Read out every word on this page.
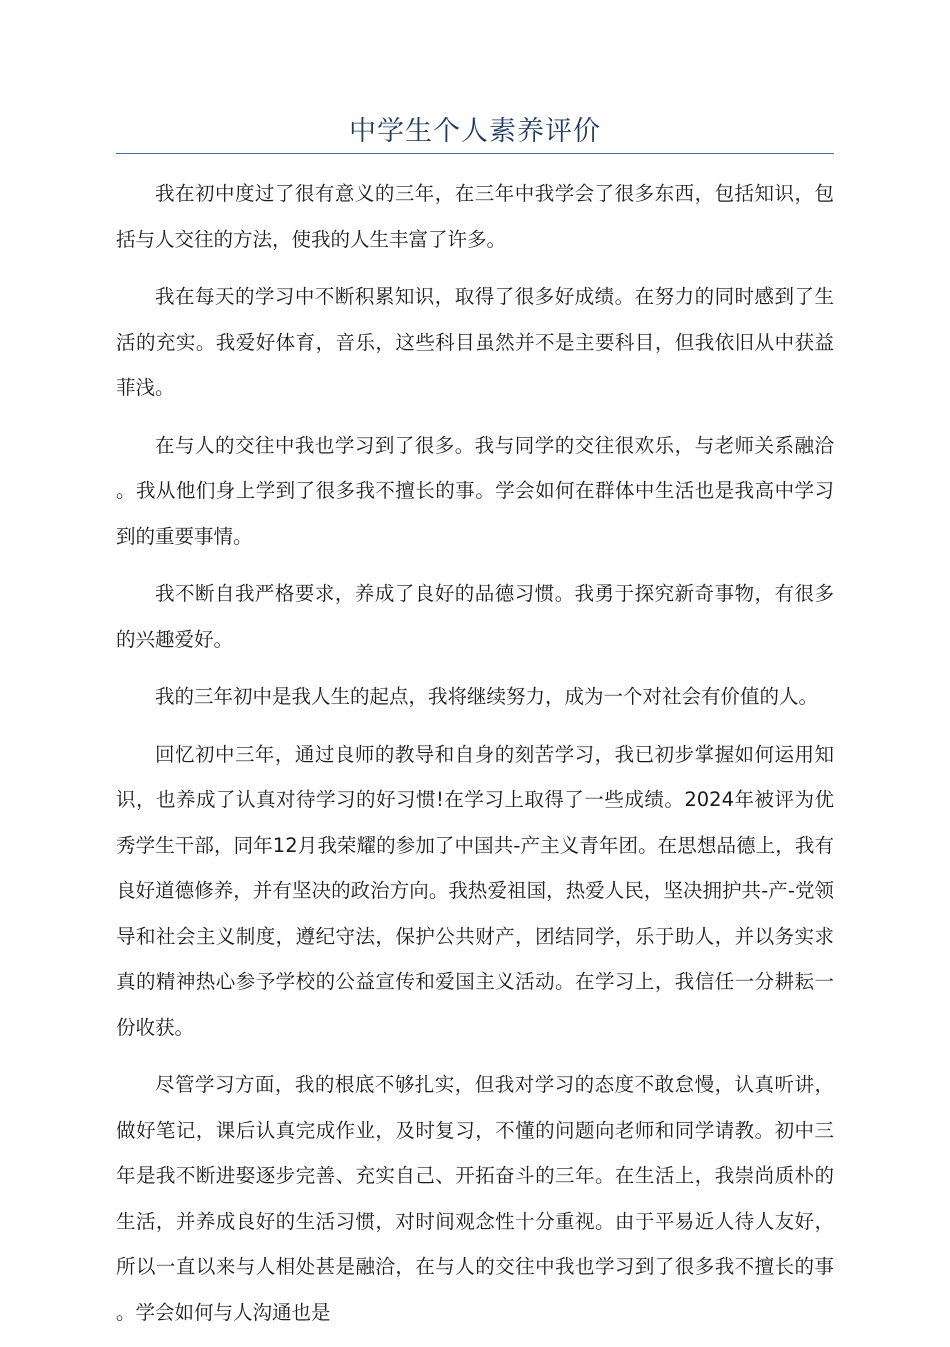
中学生个人素养评价

我在初中度过了很有意义的三年，在三年中我学会了很多东西，包括知识，包括与人交往的方法，使我的人生丰富了许多。

我在每天的学习中不断积累知识，取得了很多好成绩。在努力的同时感到了生活的充实。我爱好体育，音乐，这些科目虽然并不是主要科目，但我依旧从中获益菲浅。

在与人的交往中我也学习到了很多。我与同学的交往很欢乐，与老师关系融洽。我从他们身上学到了很多我不擅长的事。学会如何在群体中生活也是我高中学习到的重要事情。

我不断自我严格要求，养成了良好的品德习惯。我勇于探究新奇事物，有很多的兴趣爱好。

我的三年初中是我人生的起点，我将继续努力，成为一个对社会有价值的人。

回忆初中三年，通过良师的教导和自身的刻苦学习，我已初步掌握如何运用知识，也养成了认真对待学习的好习惯!在学习上取得了一些成绩。2024年被评为优秀学生干部，同年12月我荣耀的参加了中国共-产主义青年团。在思想品德上，我有良好道德修养，并有坚决的政治方向。我热爱祖国，热爱人民，坚决拥护共-产-党领导和社会主义制度，遵纪守法，保护公共财产，团结同学，乐于助人，并以务实求真的精神热心参予学校的公益宣传和爱国主义活动。在学习上，我信任一分耕耘一份收获。

尽管学习方面，我的根底不够扎实，但我对学习的态度不敢怠慢，认真听讲，做好笔记，课后认真完成作业，及时复习，不懂的问题向老师和同学请教。初中三年是我不断进娶逐步完善、充实自己、开拓奋斗的三年。在生活上，我崇尚质朴的生活，并养成良好的生活习惯，对时间观念性十分重视。由于平易近人待人友好，所以一直以来与人相处甚是融洽，在与人的交往中我也学习到了很多我不擅长的事。学会如何与人沟通也是
